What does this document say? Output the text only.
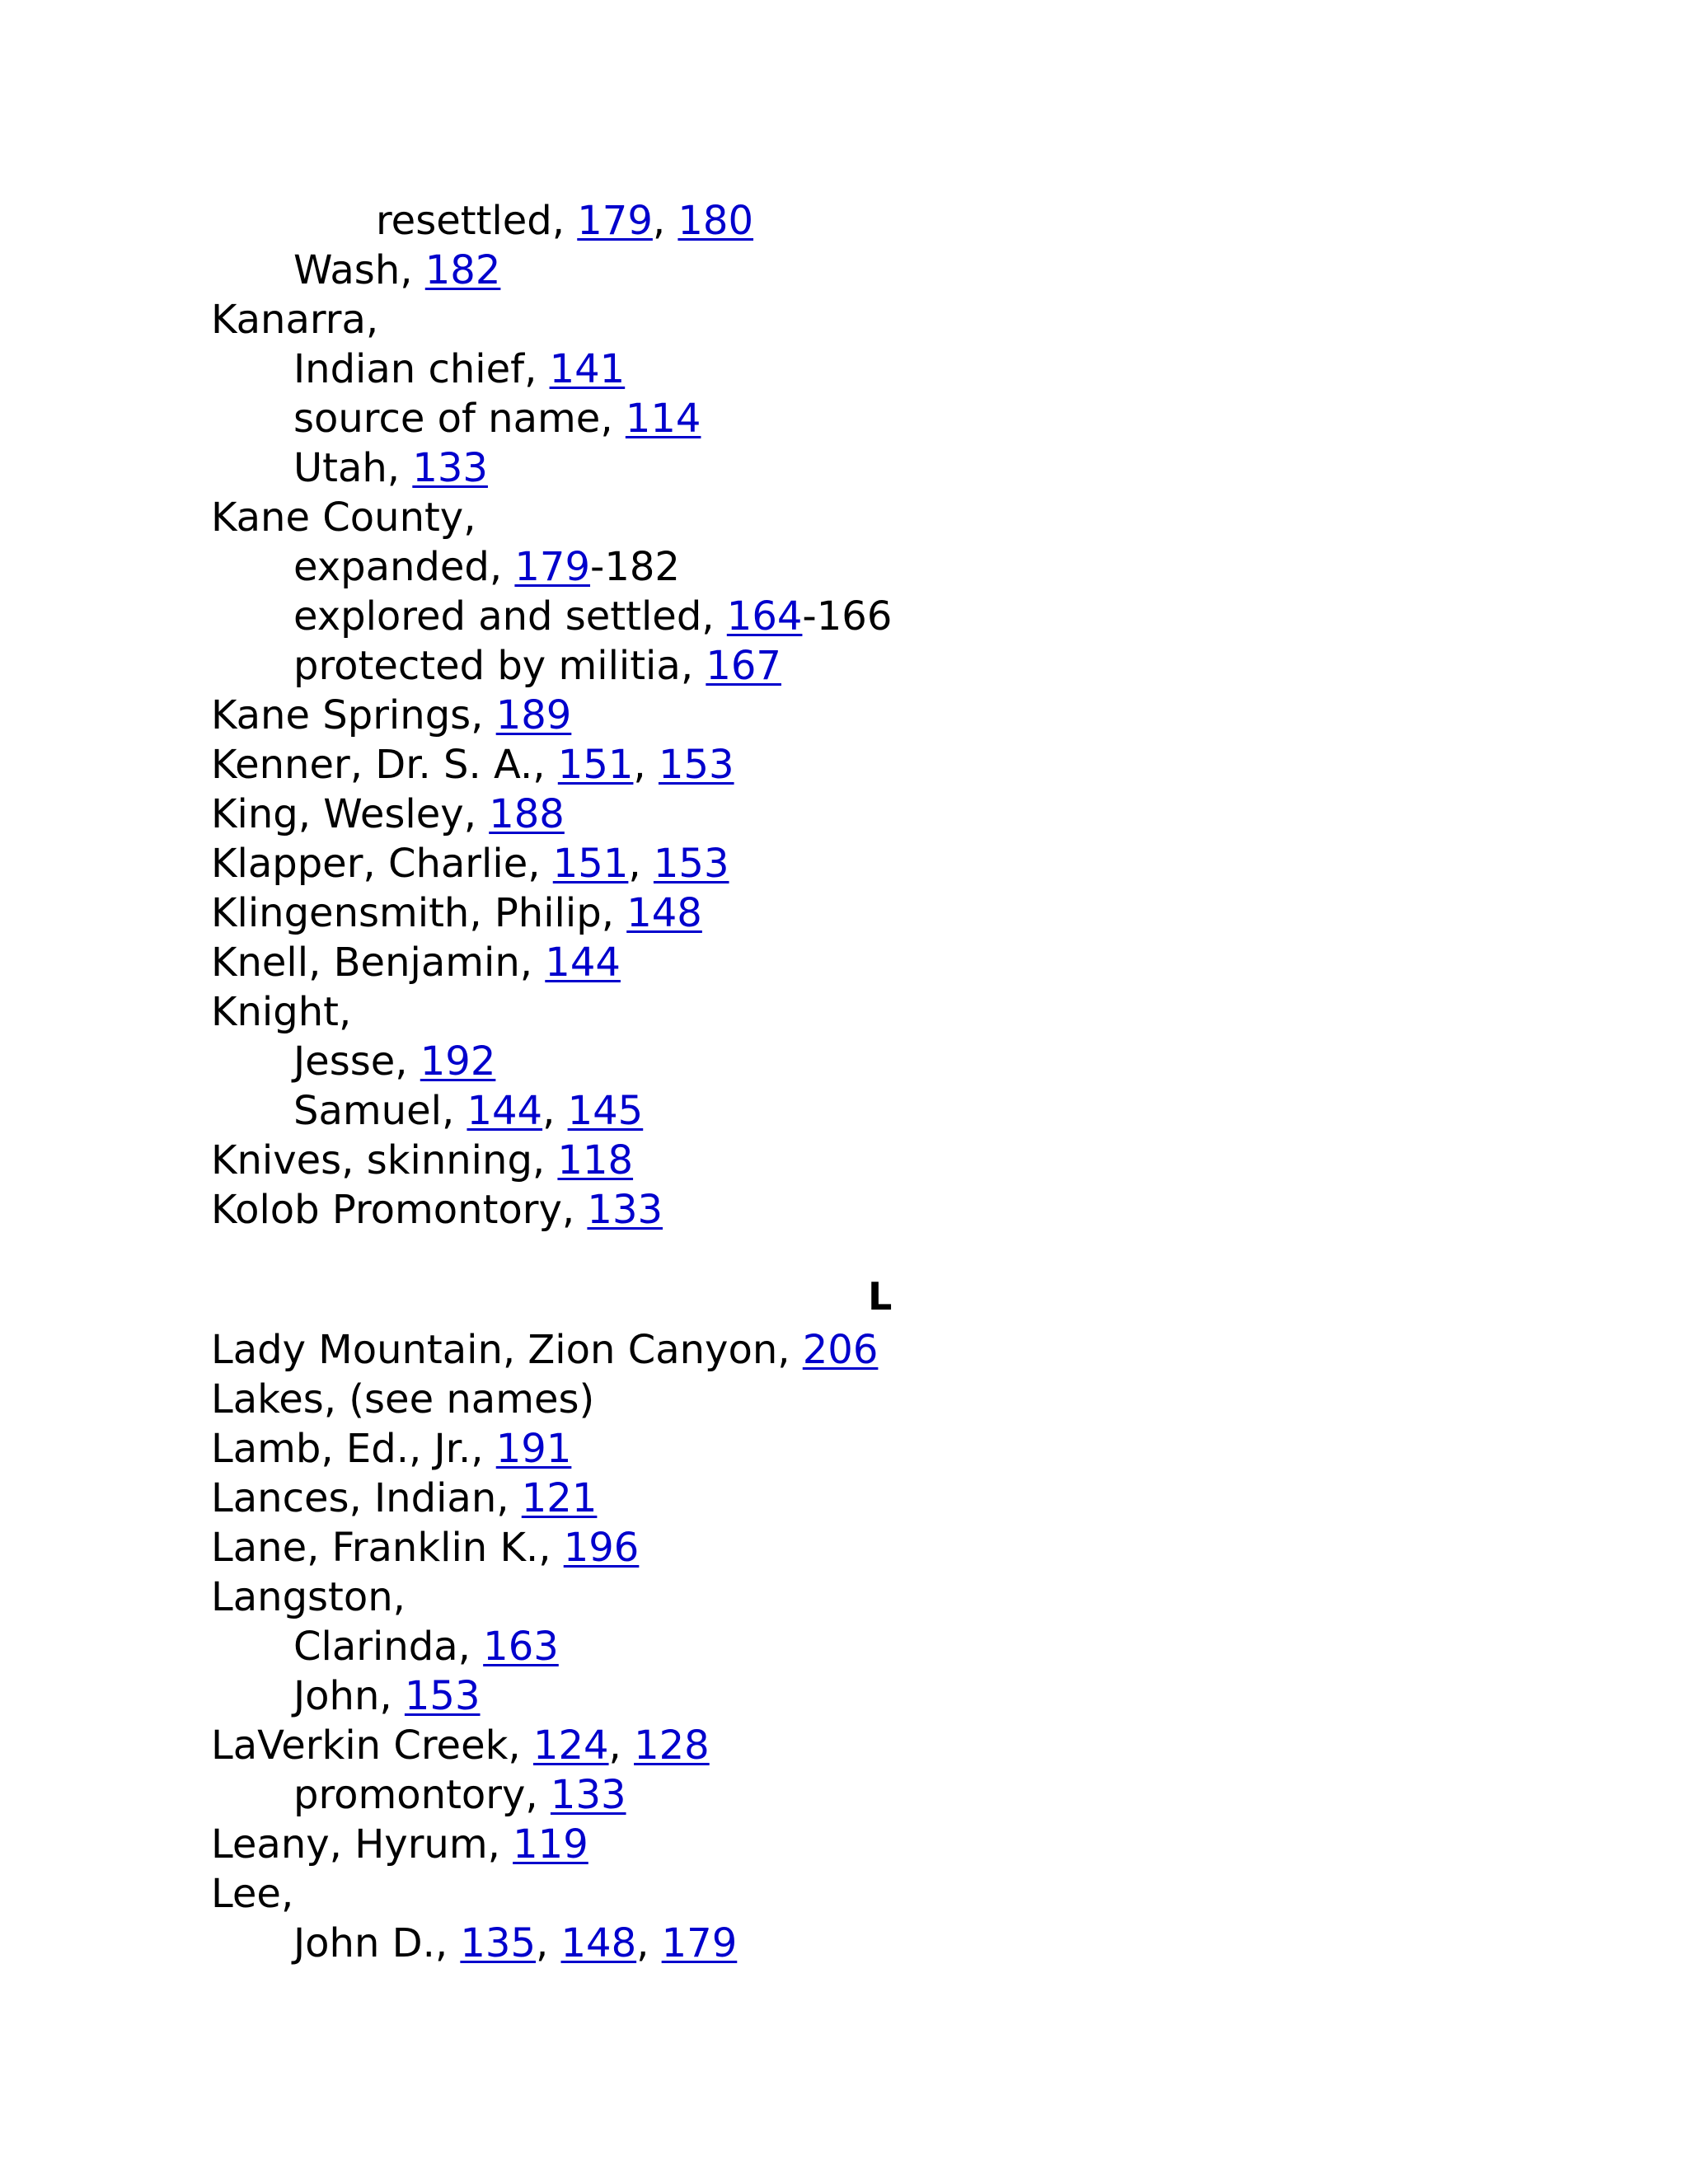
resettled, 179, 180
Wash, 182
Kanarra,
Indian chief, 141
source of name, 114
Utah, 133
Kane County,
expanded, 179-182
explored and settled, 164-166
protected by militia, 167
Kane Springs, 189
Kenner, Dr. S. A., 151, 153
King, Wesley, 188
Klapper, Charlie, 151, 153
Klingensmith, Philip, 148
Knell, Benjamin, 144
Knight,
Jesse, 192
Samuel, 144, 145
Knives, skinning, 118
Kolob Promontory, 133
L
Lady Mountain, Zion Canyon, 206
Lakes, (see names)
Lamb, Ed., Jr., 191
Lances, Indian, 121
Lane, Franklin K., 196
Langston,
Clarinda, 163
John, 153
LaVerkin Creek, 124, 128
promontory, 133
Leany, Hyrum, 119
Lee,
John D., 135, 148, 179
